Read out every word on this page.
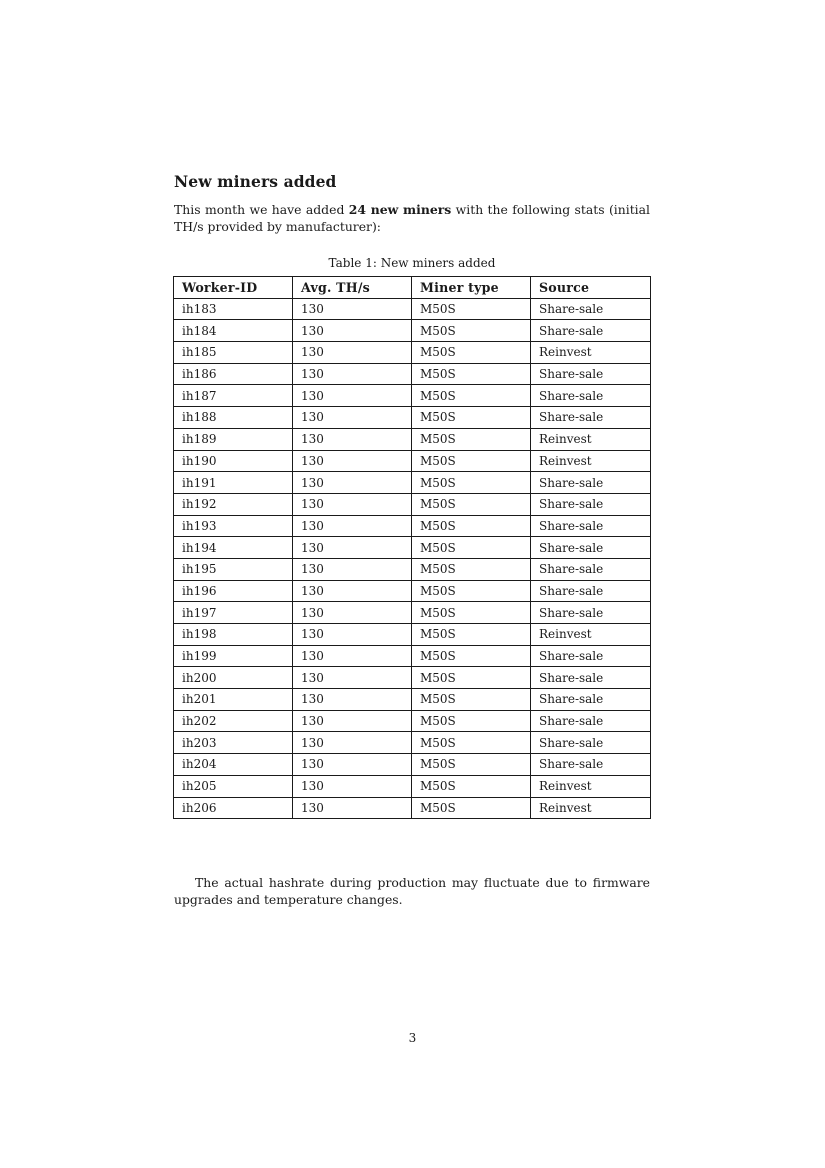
New miners added

This month we have added 24 new miners with the following stats (initial TH/s provided by manufacturer):

Table 1: New miners added
Worker-ID	Avg. TH/s	Miner type	Source
ih183	130	M50S	Share-sale
ih184	130	M50S	Share-sale
ih185	130	M50S	Reinvest
ih186	130	M50S	Share-sale
ih187	130	M50S	Share-sale
ih188	130	M50S	Share-sale
ih189	130	M50S	Reinvest
ih190	130	M50S	Reinvest
ih191	130	M50S	Share-sale
ih192	130	M50S	Share-sale
ih193	130	M50S	Share-sale
ih194	130	M50S	Share-sale
ih195	130	M50S	Share-sale
ih196	130	M50S	Share-sale
ih197	130	M50S	Share-sale
ih198	130	M50S	Reinvest
ih199	130	M50S	Share-sale
ih200	130	M50S	Share-sale
ih201	130	M50S	Share-sale
ih202	130	M50S	Share-sale
ih203	130	M50S	Share-sale
ih204	130	M50S	Share-sale
ih205	130	M50S	Reinvest
ih206	130	M50S	Reinvest

The actual hashrate during production may fluctuate due to firmware upgrades and temperature changes.

3
